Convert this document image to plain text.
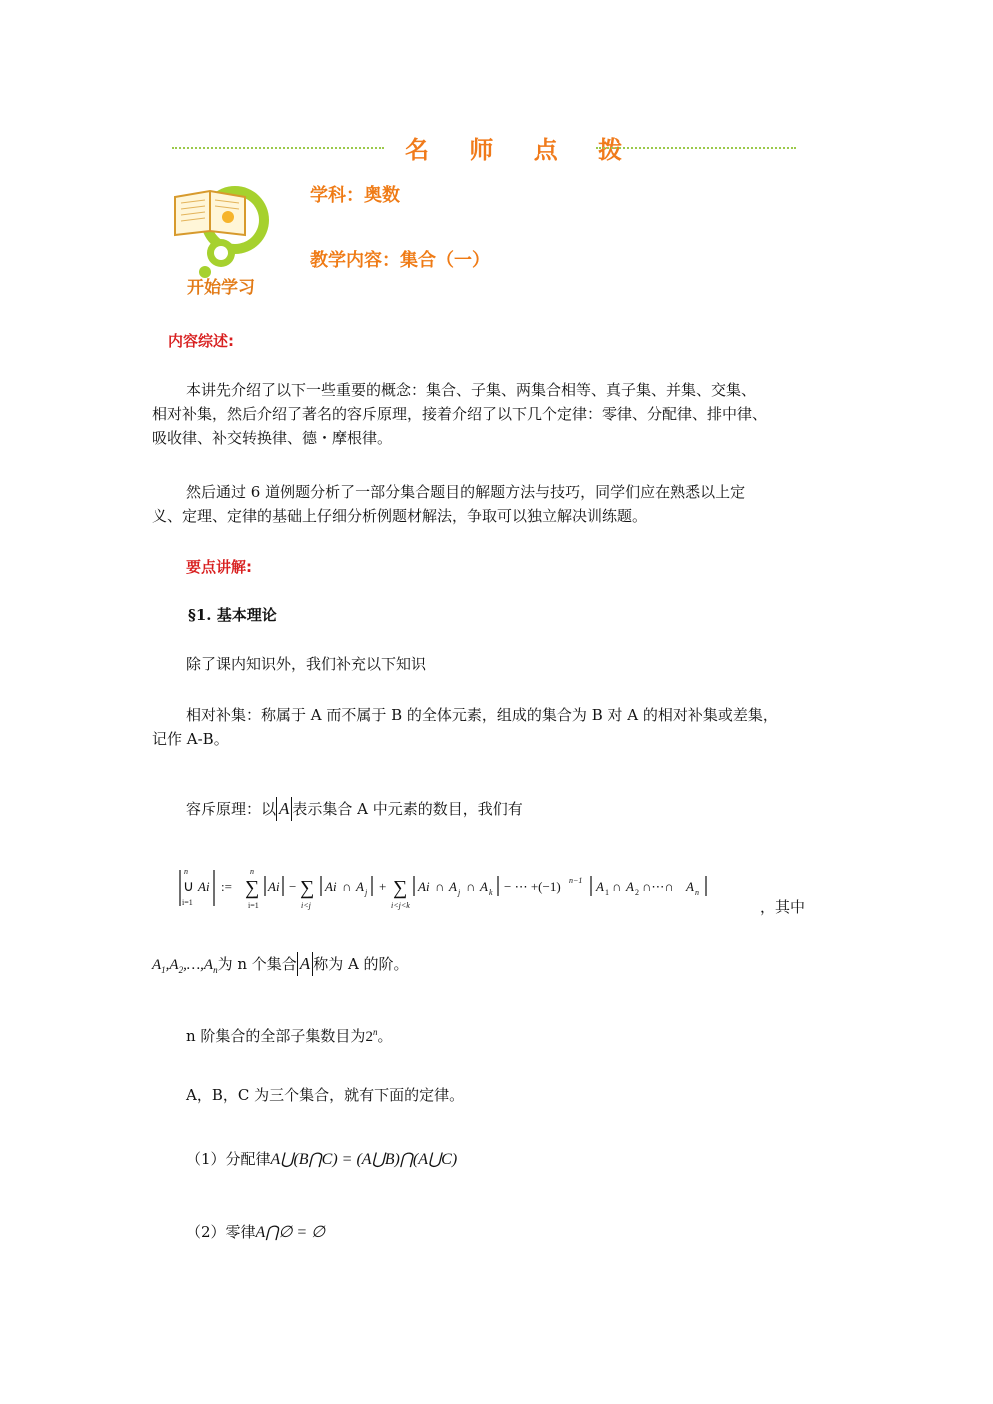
名 师 点 拨
开始学习
学科：奥数
教学内容：集合（一）
内容综述:
本讲先介绍了以下一些重要的概念：集合、子集、两集合相等、真子集、并集、交集、
相对补集，然后介绍了著名的容斥原理，接着介绍了以下几个定律：零律、分配律、排中律、
吸收律、补交转换律、德・摩根律。
然后通过 6 道例题分析了一部分集合题目的解题方法与技巧，同学们应在熟悉以上定
义、定理、定律的基础上仔细分析例题材解法，争取可以独立解决训练题。
要点讲解:
§1. 基本理论
除了课内知识外，我们补充以下知识
相对补集：称属于 A 而不属于 B 的全体元素，组成的集合为 B 对 A 的相对补集或差集，
记作 A-B。
容斥原理：以 A 表示集合 A 中元素的数目，我们有
n
∪
i=1
Ai :=
n
∑
i=1
Ai − ∑
i<j
Ai ∩ A j + ∑
i<j<k
Ai ∩ A j ∩ A k − ⋯ +(−1) n−1 A 1 ∩ A 2 ∩⋯∩ A n
，其中
$A_1,A_2,\dots,A_n$为 n 个集合 A 称为 A 的阶。
n 阶集合的全部子集数目为2$^n$。
A，B，C 为三个集合，就有下面的定律。
（1）分配律A⋃(B⋂C) = (A⋃B)⋂(A⋃C)
（2）零律A⋂∅ = ∅
